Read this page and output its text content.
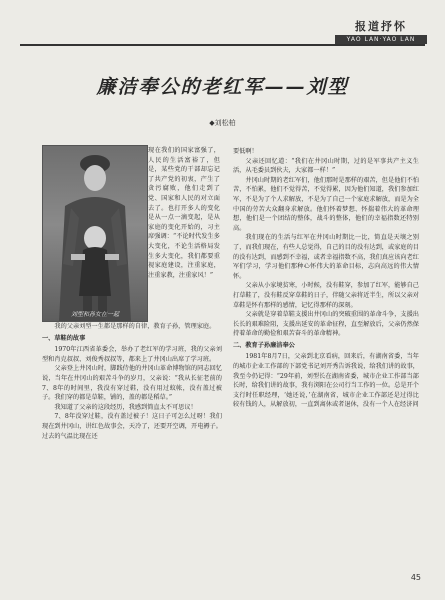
报道抒怀
YAO LAN·YAO LAN
廉洁奉公的老红军——刘型
◆刘松柏
刘型和孙女在一起

现在我们的国家富强了，人民的生活富裕了，但是，某些党的干部却忘记了共产党的初衷，产生了贪污腐败，他们走到了党、国家和人民的对立面去了。也打开多人的变化是从一点一滴变起，是从家庭的变化开始的，习主席强调：“不论时代发生多大变化，不论生活格局发生多大变化，我们都要重视家庭建设，注重家庭，注重家教，注重家风！”

我的父亲刘型一生都是那样的自律，教育子孙，管理家庭。

一、草鞋的故事

1970年江西省革委会，举办了老红军的学习班，我的父亲刘型和肖克叔叔、刘俊秀叔叔等，都来上了井冈山出席了学习班。

父亲登上井冈山时，脚践侍他的井冈山革命博物馆的同志回忆说，当年在井冈山的艰苦斗争的岁月，父亲说：“我从长征老前的7、8年的时间里，我没有穿过鞋，没有用过蚊帐，没有盖过被子。我们穿的都是草鞋，铺的，盖的都是稻草。”

我知道了父亲的这段经历，我感到简直太不可思议！

7、8年没穿过鞋，没有盖过被子！这日子可怎么过呀！我们现在到井冈山，讲红色故事会，天冷了，还要开空调，开电褥子。过去的气温比现在还

要低啊！

父亲还回忆道：“我们在井冈山时期，过的是军事共产主义生活，从毛委员到伙夫，大家都一样！”

井冈山时期的老红军们，他们那时是那样的艰苦，但是他们不怕苦，不怕累，他们不觉得苦，不觉得累，因为他们知道，我们参加红军，不是为了个人求解放，不是为了自己一个家庭求解放，而是为全中国的劳苦大众翻身求解放。他们怀着梦想、怀揣着伟大的革命理想，他们是一个团结的整体，战斗的整体，他们的幸福指数还特别高。

我们现在的生活与红军在井冈山时期比一比，简直是天壤之别了，而我们现在，有些人总觉得，自己的目的没有达到，或家庭的目的没有达到，而感到不幸福，或者幸福指数不高，我们真应该向老红军们学习，学习他们那种心怀伟大的革命目标，志向高远的伟大情怀。

父亲从小家境贫寒，小时候，没有鞋穿，参加了红军，能够自己打草鞋了，没有鞋反穿草鞋的日子，伴随父亲将近半生，所以父亲对草鞋是怀有那样的感情，记忆得那样的深刻。

父亲就是穿着草鞋支援出井冈山的突破重围的革命斗争，支援出长长的艰难险阻，支援出延安的革命征程，直至解放后，父亲仍然保持着革命的勤俭和艰苦奋斗的革命精神。

二、教育子孙廉洁奉公

1981年8月7日，父亲到北京看病，回来后，有湖南省委，当年的城市企业工作部的下部党书记刘开秀告诉我说，给我们讲的故事，我至今仍记得：“29年前，刘型长在湖南省委，城市企业工作部当部长时，给我们讲的故事，我有浏阳在公司行当工作的一位。总是开个支行时任职经理，‘她还说，’在湖南省，城市企业工作部还是过得比较有钱的人，从解放初，一直到离休或者退休，没有一个人在经济问

45
